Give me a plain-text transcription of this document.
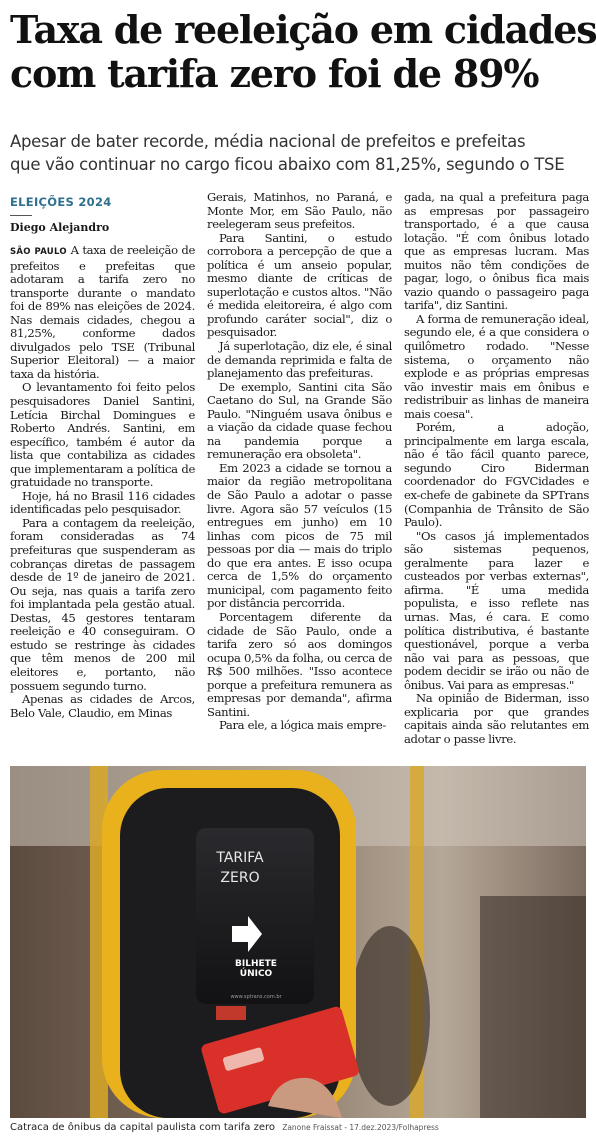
Taxa de reeleição em cidades
com tarifa zero foi de 89%
Apesar de bater recorde, média nacional de prefeitos e prefeitas
que vão continuar no cargo ficou abaixo com 81,25%, segundo o TSE
ELEIÇÕES 2024
Diego Alejandro

SÃO PAULO A taxa de reeleição de prefeitos e prefeitas que adotaram a tarifa zero no transporte durante o mandato foi de 89% nas eleições de 2024. Nas demais cidades, chegou a 81,25%, conforme dados divulgados pelo TSE (Tribunal Superior Eleitoral) — a maior taxa da história.

O levantamento foi feito pelos pesquisadores Daniel Santini, Letícia Birchal Domingues e Roberto Andrés. Santini, em específico, também é autor da lista que contabiliza as cidades que implementaram a política de gratuidade no transporte.

Hoje, há no Brasil 116 cidades identificadas pelo pesquisador.

Para a contagem da reeleição, foram consideradas as 74 prefeituras que suspenderam as cobranças diretas de passagem desde de 1º de janeiro de 2021. Ou seja, nas quais a tarifa zero foi implantada pela gestão atual. Destas, 45 gestores tentaram reeleição e 40 conseguiram. O estudo se restringe às cidades que têm menos de 200 mil eleitores e, portanto, não possuem segundo turno.

Apenas as cidades de Arcos, Belo Vale, Claudio, em Minas

Gerais, Matinhos, no Paraná, e Monte Mor, em São Paulo, não reelegeram seus prefeitos.

Para Santini, o estudo corrobora a percepção de que a política é um anseio popular, mesmo diante de críticas de superlotação e custos altos. "Não é medida eleitoreira, é algo com profundo caráter social", diz o pesquisador.

Já superlotação, diz ele, é sinal de demanda reprimida e falta de planejamento das prefeituras.

De exemplo, Santini cita São Caetano do Sul, na Grande São Paulo. "Ninguém usava ônibus e a viação da cidade quase fechou na pandemia porque a remuneração era obsoleta".

Em 2023 a cidade se tornou a maior da região metropolitana de São Paulo a adotar o passe livre. Agora são 57 veículos (15 entregues em junho) em 10 linhas com picos de 75 mil pessoas por dia — mais do triplo do que era antes. E isso ocupa cerca de 1,5% do orçamento municipal, com pagamento feito por distância percorrida.

Porcentagem diferente da cidade de São Paulo, onde a tarifa zero só aos domingos ocupa 0,5% da folha, ou cerca de R$ 500 milhões. "Isso acontece porque a prefeitura remunera as empresas por demanda", afirma Santini.

Para ele, a lógica mais empre-

gada, na qual a prefeitura paga as empresas por passageiro transportado, é a que causa lotação. "É com ônibus lotado que as empresas lucram. Mas muitos não têm condições de pagar, logo, o ônibus fica mais vazio quando o passageiro paga tarifa", diz Santini.

A forma de remuneração ideal, segundo ele, é a que considera o quilômetro rodado. "Nesse sistema, o orçamento não explode e as próprias empresas vão investir mais em ônibus e redistribuir as linhas de maneira mais coesa".

Porém, a adoção, principalmente em larga escala, não é tão fácil quanto parece, segundo Ciro Biderman coordenador do FGVCidades e ex-chefe de gabinete da SPTrans (Companhia de Trânsito de São Paulo).

"Os casos já implementados são sistemas pequenos, geralmente para lazer e custeados por verbas externas", afirma. "É uma medida populista, e isso reflete nas urnas. Mas, é cara. E como política distributiva, é bastante questionável, porque a verba não vai para as pessoas, que podem decidir se irão ou não de ônibus. Vai para as empresas."

Na opinião de Biderman, isso explicaria por que grandes capitais ainda são relutantes em adotar o passe livre.

TARIFA
ZERO
BILHETE
ÚNICO
www.sptrans.com.br
Catraca de ônibus da capital paulista com tarifa zero Zanone Fraissat - 17.dez.2023/Folhapress
